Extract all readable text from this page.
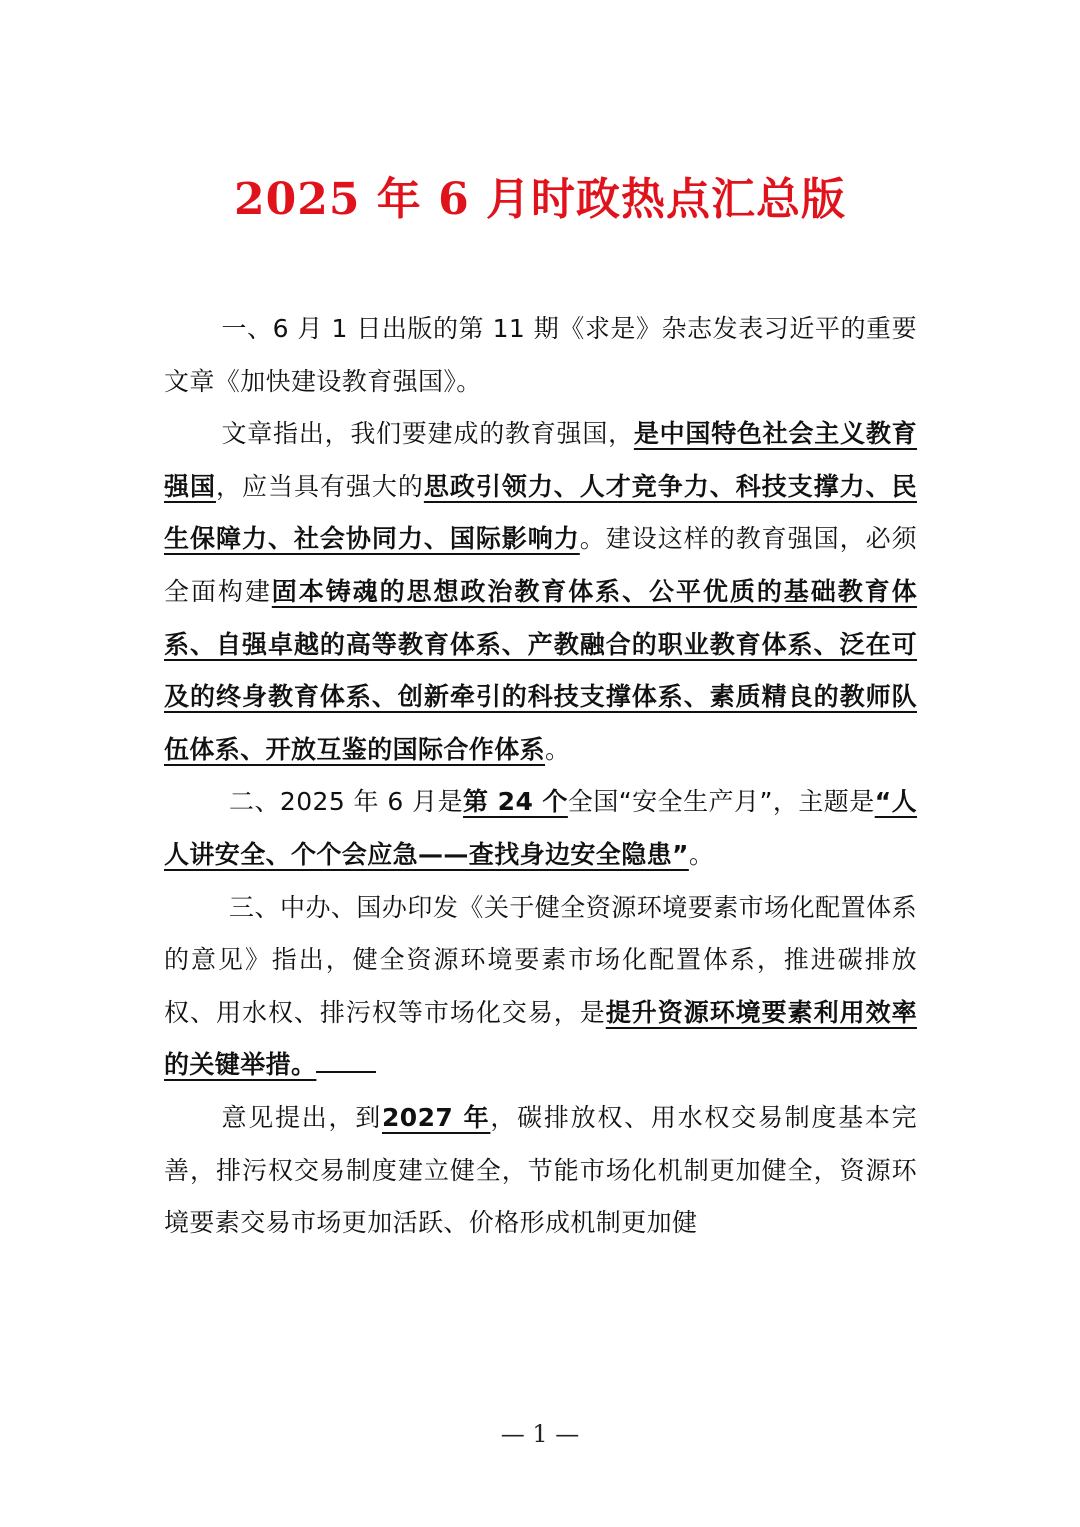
2025 年 6 月时政热点汇总版

一、6 月 1 日出版的第 11 期《求是》杂志发表习近平的重要文章《加快建设教育强国》。

文章指出，我们要建成的教育强国，是中国特色社会主义教育强国，应当具有强大的思政引领力、人才竞争力、科技支撑力、民生保障力、社会协同力、国际影响力。建设这样的教育强国，必须全面构建固本铸魂的思想政治教育体系、公平优质的基础教育体系、自强卓越的高等教育体系、产教融合的职业教育体系、泛在可及的终身教育体系、创新牵引的科技支撑体系、素质精良的教师队伍体系、开放互鉴的国际合作体系。

二、2025 年 6 月是第 24 个全国“安全生产月”，主题是“人人讲安全、个个会应急——查找身边安全隐患”。

三、中办、国办印发《关于健全资源环境要素市场化配置体系的意见》指出，健全资源环境要素市场化配置体系，推进碳排放权、用水权、排污权等市场化交易，是提升资源环境要素利用效率的关键举措。

意见提出，到2027 年，碳排放权、用水权交易制度基本完善，排污权交易制度建立健全，节能市场化机制更加健全，资源环境要素交易市场更加活跃、价格形成机制更加健

— 1 —
